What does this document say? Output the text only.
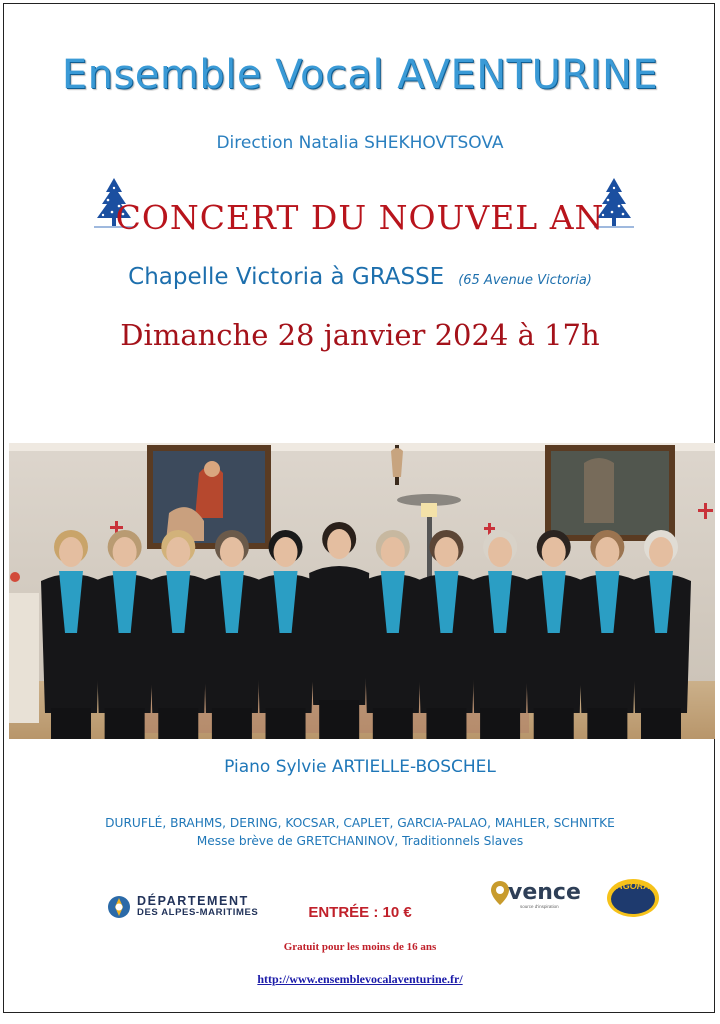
Ensemble Vocal AVENTURINE
Direction Natalia SHEKHOVTSOVA
CONCERT DU NOUVEL AN
Chapelle Victoria à GRASSE (65 Avenue Victoria)
Dimanche 28 janvier 2024 à 17h
Piano Sylvie ARTIELLE-BOSCHEL
DURUFLÉ, BRAHMS, DERING, KOCSAR, CAPLET, GARCIA-PALAO, MAHLER, SCHNITKE
Messe brève de GRETCHANINOV, Traditionnels Slaves
DÉPARTEMENT
DES ALPES-MARITIMES	ENTRÉE : 10 €
vence
source d'inspiration
AGORA
Gratuit pour les moins de 16 ans
http://www.ensemblevocalaventurine.fr/
